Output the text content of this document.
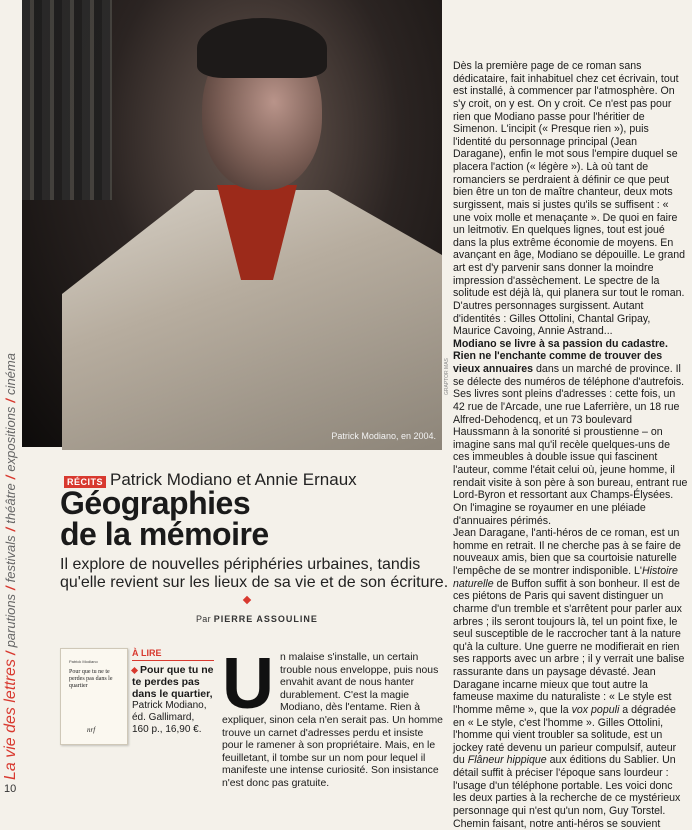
La vie des lettres/parutions/festivals/théâtre/expositions/cinéma
10
Patrick Modiano, en 2004.
GRAPTOR MAS
RÉCITS Patrick Modiano et Annie Ernaux
Géographies
de la mémoire

Il explore de nouvelles périphéries urbaines, tandis qu'elle revient sur les lieux de sa vie et de son écriture.

Par PIERRE ASSOULINE
Patrick Modiano
Pour que tu ne te perdes pas dans le quartier
nrf
À LIRE
Pour que tu ne te perdes pas dans le quartier,
Patrick Modiano,
éd. Gallimard,
160 p., 16,90 €.
U n malaise s'installe, un certain trouble nous enveloppe, puis nous envahit avant de nous hanter durablement. C'est la magie Modiano, dès l'entame. Rien à expliquer, sinon cela n'en serait pas. Un homme trouve un carnet d'adresses perdu et insiste pour le ramener à son propriétaire. Mais, en le feuilletant, il tombe sur un nom pour lequel il manifeste une intense curiosité. Son insistance n'est donc pas gratuite.

Dès la première page de ce roman sans dédicataire, fait inhabituel chez cet écrivain, tout est installé, à commencer par l'atmosphère. On s'y croit, on y est. On y croit. Ce n'est pas pour rien que Modiano passe pour l'héritier de Simenon. L'incipit (« Presque rien »), puis l'identité du personnage principal (Jean Daragane), enfin le mot sous l'empire duquel se placera l'action (« légère »). Là où tant de romanciers se perdraient à définir ce que peut bien être un ton de maître chanteur, deux mots surgissent, mais si justes qu'ils se suffisent : « une voix molle et menaçante ». De quoi en faire un leitmotiv. En quelques lignes, tout est joué dans la plus extrême économie de moyens. En avançant en âge, Modiano se dépouille. Le grand art est d'y parvenir sans donner la moindre impression d'assèchement. Le spectre de la solitude est déjà là, qui planera sur tout le roman. D'autres personnages surgissent. Autant d'identités : Gilles Ottolini, Chantal Gripay, Maurice Cavoing, Annie Astrand...

Modiano se livre à sa passion du cadastre. Rien ne l'enchante comme de trouver des vieux annuaires dans un marché de province. Il se délecte des numéros de téléphone d'autrefois. Ses livres sont pleins d'adresses : cette fois, un 42 rue de l'Arcade, une rue Laferrière, un 18 rue Alfred-Dehodencq, et un 73 boulevard Haussmann à la sonorité si proustienne – on imagine sans mal qu'il recèle quelques-uns de ces immeubles à double issue qui fascinent l'auteur, comme l'était celui où, jeune homme, il rendait visite à son père à son bureau, entrant rue Lord-Byron et ressortant aux Champs-Élysées. On l'imagine se royaumer en une pléiade d'annuaires périmés.

Jean Daragane, l'anti-héros de ce roman, est un homme en retrait. Il ne cherche pas à se faire de nouveaux amis, bien que sa courtoisie naturelle l'empêche de se montrer indisponible. L'Histoire naturelle de Buffon suffit à son bonheur. Il est de ces piétons de Paris qui savent distinguer un charme d'un tremble et s'arrêtent pour parler aux arbres ; ils seront toujours là, tel un point fixe, le seul susceptible de le raccrocher tant à la nature qu'à la culture. Une guerre ne modifierait en rien ses rapports avec un arbre ; il y verrait une balise rassurante dans un paysage dévasté. Jean Daragane incarne mieux que tout autre la fameuse maxime du naturaliste : « Le style est l'homme même », que la vox populi a dégradée en « Le style, c'est l'homme ». Gilles Ottolini, l'homme qui vient troubler sa solitude, est un jockey raté devenu un parieur compulsif, auteur du Flâneur hippique aux éditions du Sablier. Un détail suffit à préciser l'époque sans lourdeur : l'usage d'un téléphone portable. Les voici donc les deux parties à la recherche de ce mystérieux personnage qui n'est qu'un nom, Guy Torstel. Chemin faisant, notre anti-héros se souvient
